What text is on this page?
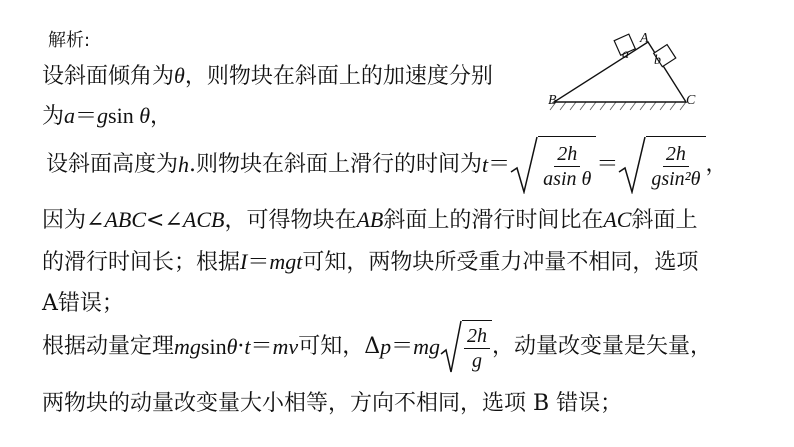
解析:
设斜面倾角为θ，则物块在斜面上的加速度分别
为a＝gsin θ，
设斜面高度为 h .则物块在斜面上滑行的时间为 $t = \frac{2h}{\text{asin θ}} = \frac{2h}{\text{gsin²θ}}$ ，
因为∠ABC<∠ACB，可得物块在AB斜面上的滑行时间比在AC斜面上
的滑行时间长；根据I＝mgt可知，两物块所受重力冲量不相同，选项
A错误；
根据动量定理 mg sin θ · t ＝ mv 可知，Δ p ＝ mg $\frac{2h}{g}$ ，动量改变量是矢量，
两物块的动量改变量大小相等，方向不相同，选项 B 错误；
A
B	C
a b
